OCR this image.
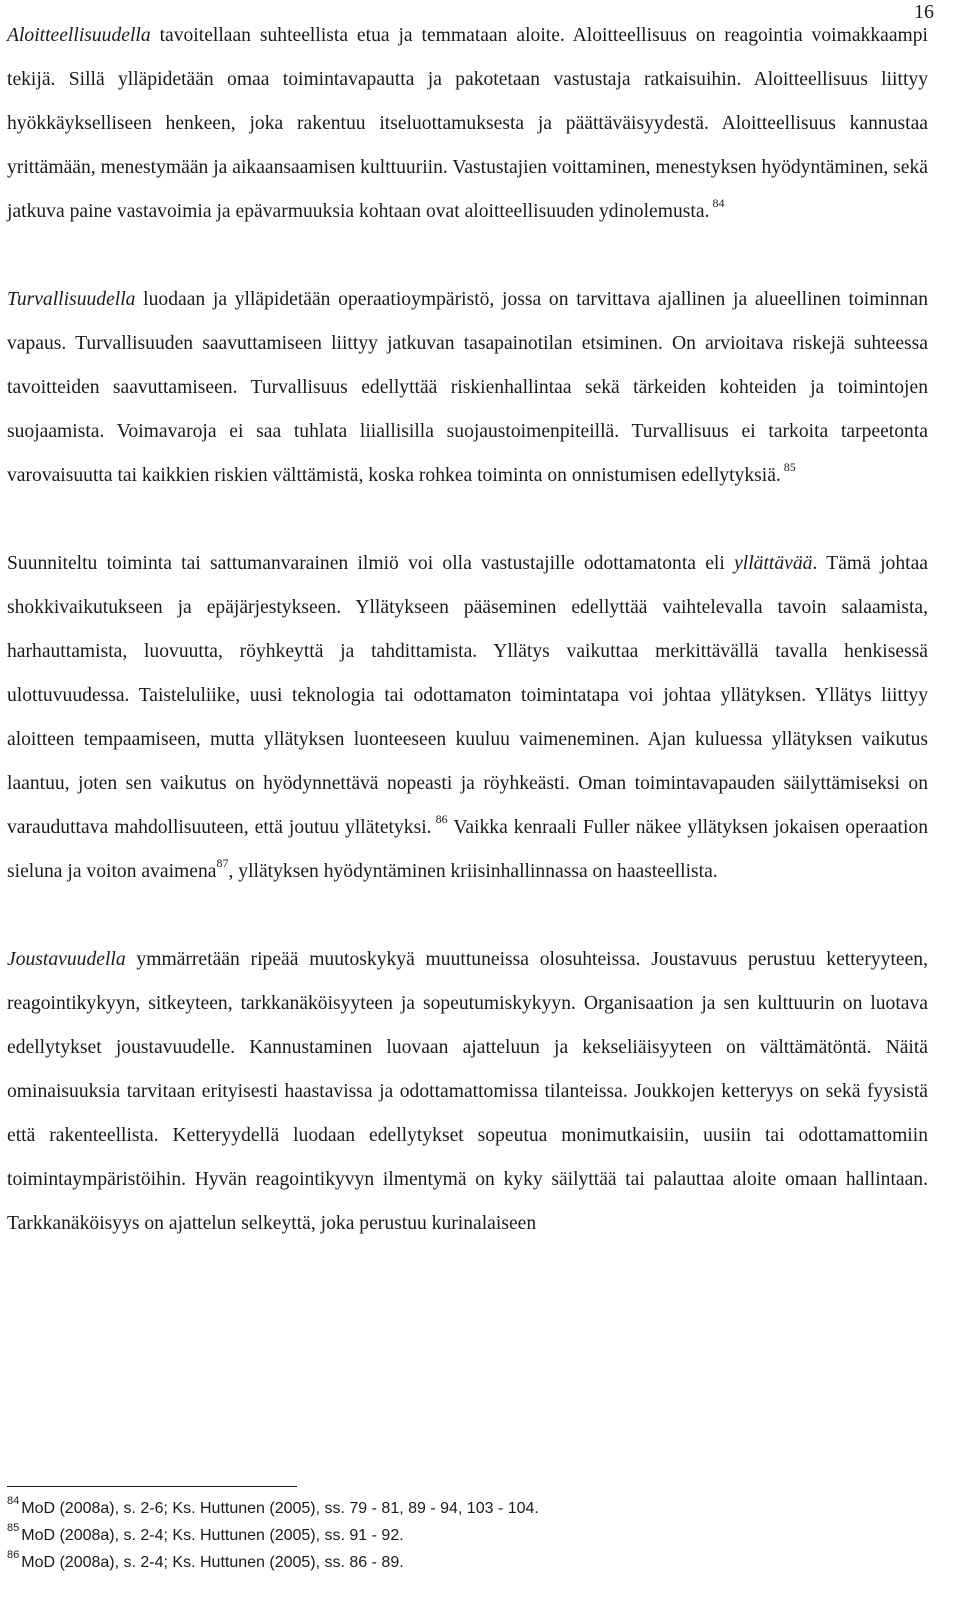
16

Aloitteellisuudella tavoitellaan suhteellista etua ja temmataan aloite. Aloitteellisuus on reagointia voimakkaampi tekijä. Sillä ylläpidetään omaa toimintavapautta ja pakotetaan vastustaja ratkaisuihin. Aloitteellisuus liittyy hyökkäykselliseen henkeen, joka rakentuu itseluottamuksesta ja päättäväisyydestä. Aloitteellisuus kannustaa yrittämään, menestymään ja aikaansaamisen kulttuuriin. Vastustajien voittaminen, menestyksen hyödyntäminen, sekä jatkuva paine vastavoimia ja epävarmuuksia kohtaan ovat aloitteellisuuden ydinolemusta. $^{84}$

Turvallisuudella luodaan ja ylläpidetään operaatioympäristö, jossa on tarvittava ajallinen ja alueellinen toiminnan vapaus. Turvallisuuden saavuttamiseen liittyy jatkuvan tasapainotilan etsiminen. On arvioitava riskejä suhteessa tavoitteiden saavuttamiseen. Turvallisuus edellyttää riskienhallintaa sekä tärkeiden kohteiden ja toimintojen suojaamista. Voimavaroja ei saa tuhlata liiallisilla suojaustoimenpiteillä. Turvallisuus ei tarkoita tarpeetonta varovaisuutta tai kaikkien riskien välttämistä, koska rohkea toiminta on onnistumisen edellytyksiä. $^{85}$

Suunniteltu toiminta tai sattumanvarainen ilmiö voi olla vastustajille odottamatonta eli yllättävää. Tämä johtaa shokkivaikutukseen ja epäjärjestykseen. Yllätykseen pääseminen edellyttää vaihtelevalla tavoin salaamista, harhauttamista, luovuutta, röyhkeyttä ja tahdittamista. Yllätys vaikuttaa merkittävällä tavalla henkisessä ulottuvuudessa. Taisteluliike, uusi teknologia tai odottamaton toimintatapa voi johtaa yllätyksen. Yllätys liittyy aloitteen tempaamiseen, mutta yllätyksen luonteeseen kuuluu vaimeneminen. Ajan kuluessa yllätyksen vaikutus laantuu, joten sen vaikutus on hyödynnettävä nopeasti ja röyhkeästi. Oman toimintavapauden säilyttämiseksi on varauduttava mahdollisuuteen, että joutuu yllätetyksi. $^{86}$ Vaikka kenraali Fuller näkee yllätyksen jokaisen operaation sieluna ja voiton avaimena$^{87}$, yllätyksen hyödyntäminen kriisinhallinnassa on haasteellista.

Joustavuudella ymmärretään ripeää muutoskykyä muuttuneissa olosuhteissa. Joustavuus perustuu ketteryyteen, reagointikykyyn, sitkeyteen, tarkkanäköisyyteen ja sopeutumiskykyyn. Organisaation ja sen kulttuurin on luotava edellytykset joustavuudelle. Kannustaminen luovaan ajatteluun ja kekseliäisyyteen on välttämätöntä. Näitä ominaisuuksia tarvitaan erityisesti haastavissa ja odottamattomissa tilanteissa. Joukkojen ketteryys on sekä fyysistä että rakenteellista. Ketteryydellä luodaan edellytykset sopeutua monimutkaisiin, uusiin tai odottamattomiin toimintaympäristöihin. Hyvän reagointikyvyn ilmentymä on kyky säilyttää tai palauttaa aloite omaan hallintaan. Tarkkanäköisyys on ajattelun selkeyttä, joka perustuu kurinalaiseen

$^{84}$ MoD (2008a), s. 2-6; Ks. Huttunen (2005), ss. 79 - 81, 89 - 94, 103 - 104.
$^{85}$ MoD (2008a), s. 2-4; Ks. Huttunen (2005), ss. 91 - 92.
$^{86}$ MoD (2008a), s. 2-4; Ks. Huttunen (2005), ss. 86 - 89.
